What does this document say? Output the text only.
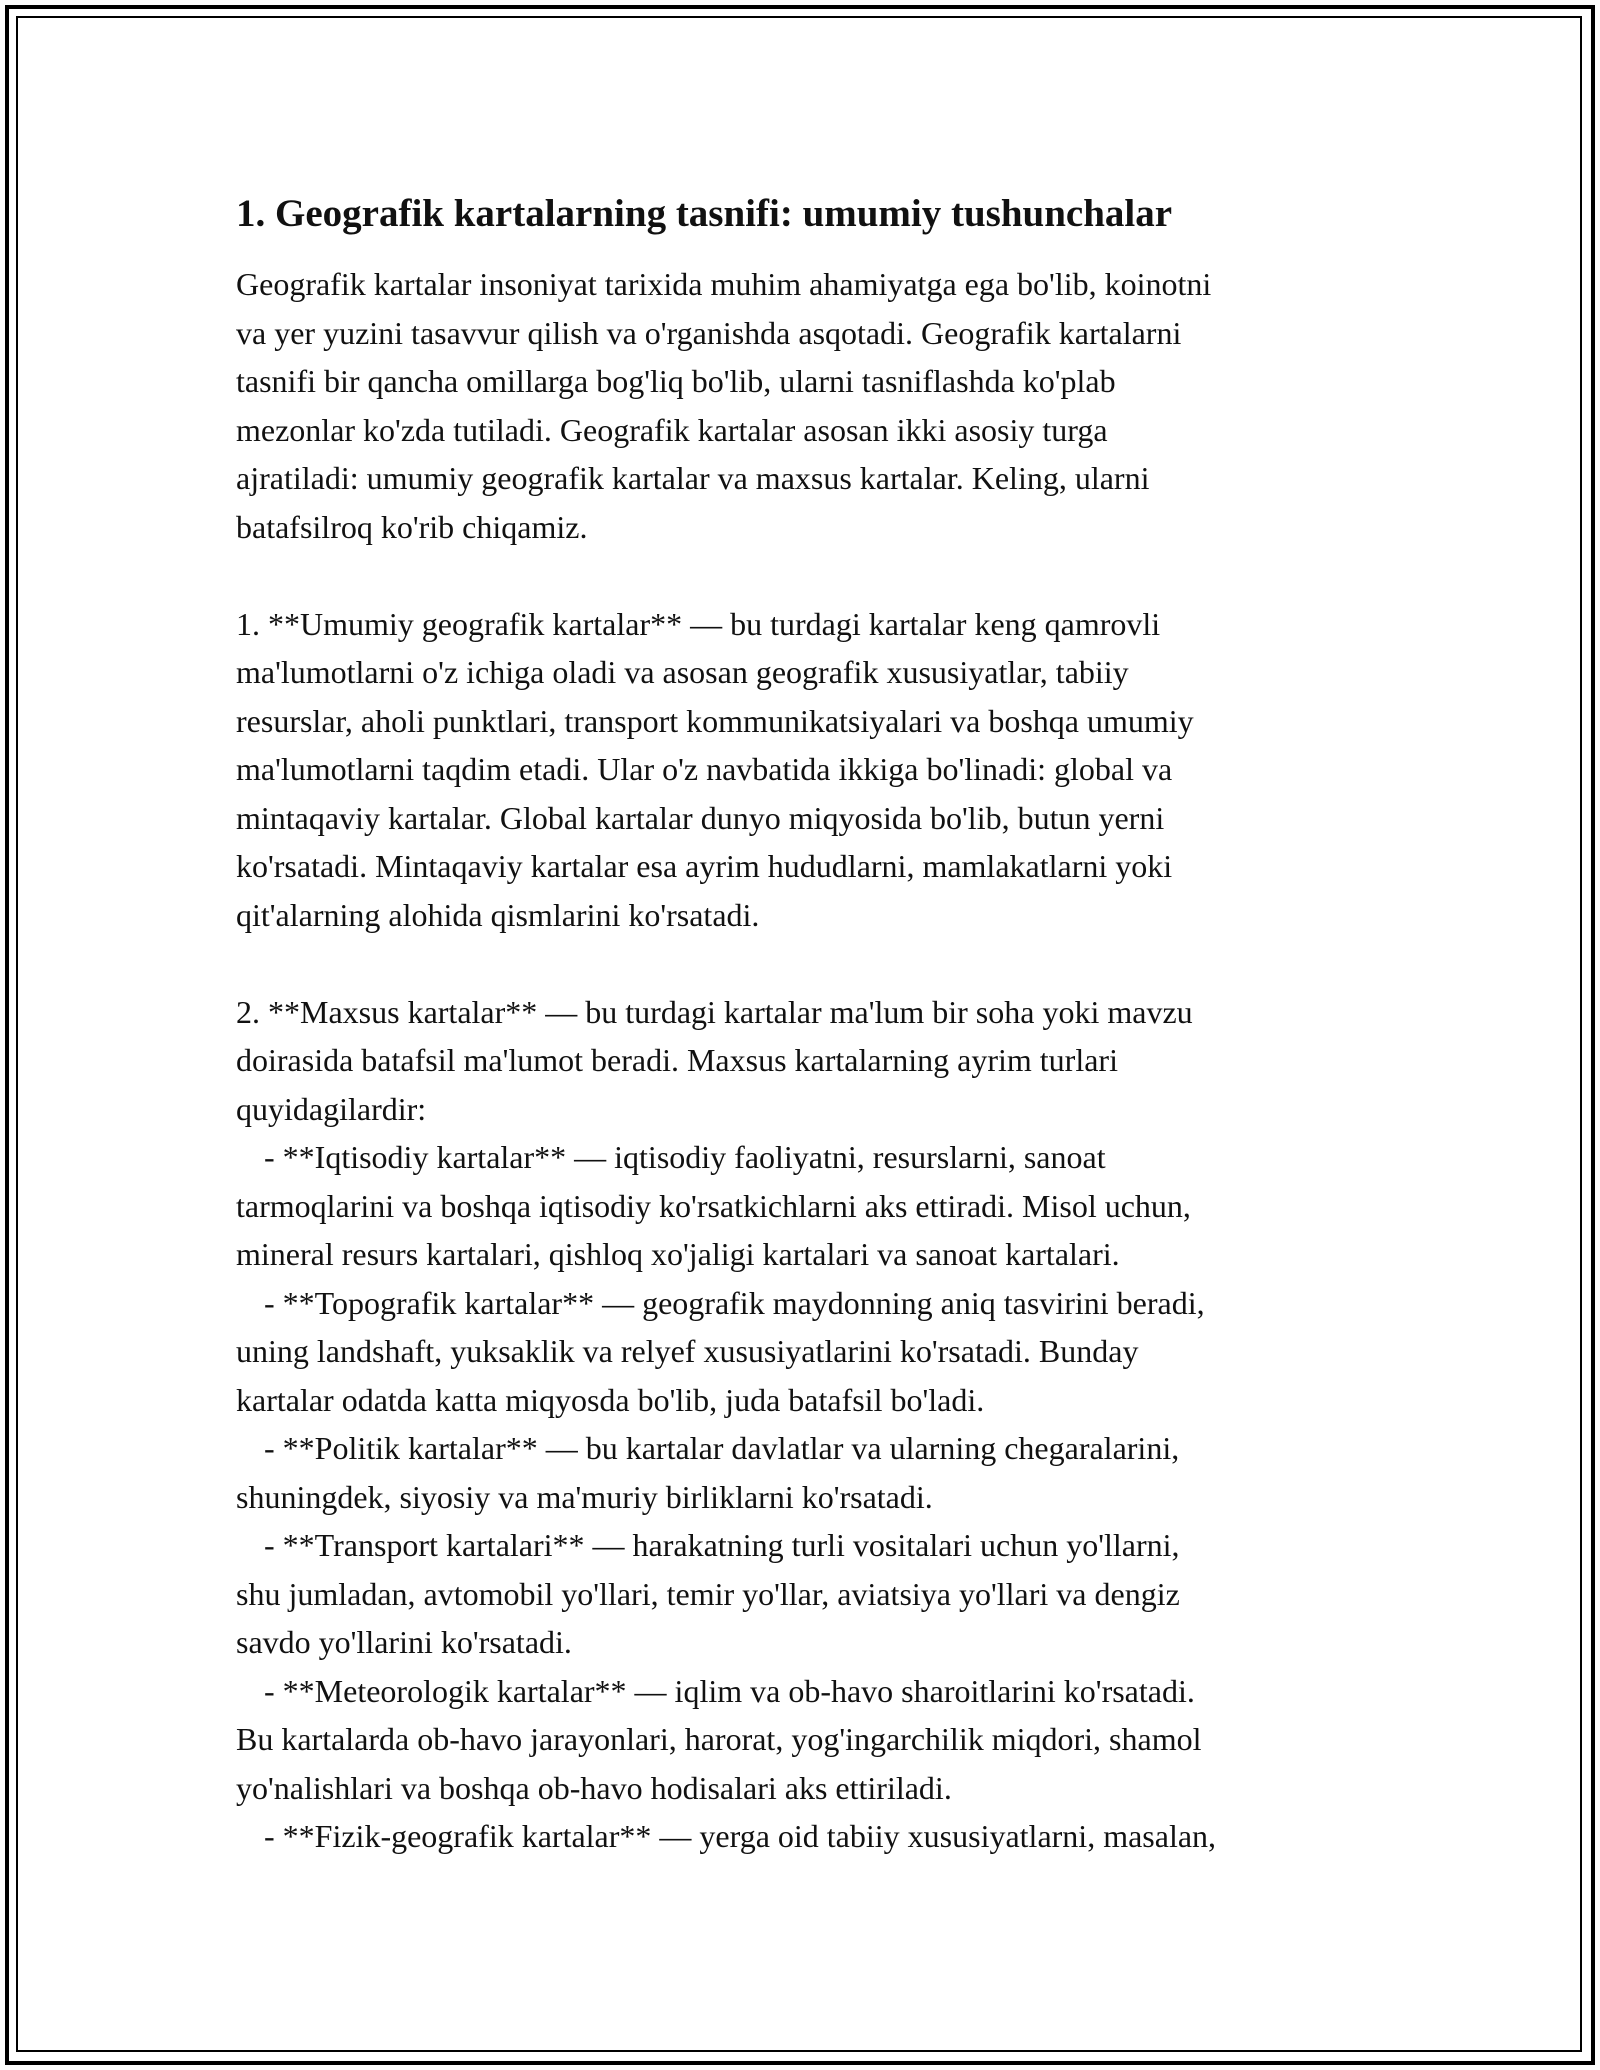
1. Geografik kartalarning tasnifi: umumiy tushunchalar
Geografik kartalar insoniyat tarixida muhim ahamiyatga ega bo'lib, koinotni
va yer yuzini tasavvur qilish va o'rganishda asqotadi. Geografik kartalarni
tasnifi bir qancha omillarga bog'liq bo'lib, ularni tasniflashda ko'plab
mezonlar ko'zda tutiladi. Geografik kartalar asosan ikki asosiy turga
ajratiladi: umumiy geografik kartalar va maxsus kartalar. Keling, ularni
batafsilroq ko'rib chiqamiz.
1. **Umumiy geografik kartalar** — bu turdagi kartalar keng qamrovli
ma'lumotlarni o'z ichiga oladi va asosan geografik xususiyatlar, tabiiy
resurslar, aholi punktlari, transport kommunikatsiyalari va boshqa umumiy
ma'lumotlarni taqdim etadi. Ular o'z navbatida ikkiga bo'linadi: global va
mintaqaviy kartalar. Global kartalar dunyo miqyosida bo'lib, butun yerni
ko'rsatadi. Mintaqaviy kartalar esa ayrim hududlarni, mamlakatlarni yoki
qit'alarning alohida qismlarini ko'rsatadi.
2. **Maxsus kartalar** — bu turdagi kartalar ma'lum bir soha yoki mavzu
doirasida batafsil ma'lumot beradi. Maxsus kartalarning ayrim turlari
quyidagilardir:
- **Iqtisodiy kartalar** — iqtisodiy faoliyatni, resurslarni, sanoat
tarmoqlarini va boshqa iqtisodiy ko'rsatkichlarni aks ettiradi. Misol uchun,
mineral resurs kartalari, qishloq xo'jaligi kartalari va sanoat kartalari.
- **Topografik kartalar** — geografik maydonning aniq tasvirini beradi,
uning landshaft, yuksaklik va relyef xususiyatlarini ko'rsatadi. Bunday
kartalar odatda katta miqyosda bo'lib, juda batafsil bo'ladi.
- **Politik kartalar** — bu kartalar davlatlar va ularning chegaralarini,
shuningdek, siyosiy va ma'muriy birliklarni ko'rsatadi.
- **Transport kartalari** — harakatning turli vositalari uchun yo'llarni,
shu jumladan, avtomobil yo'llari, temir yo'llar, aviatsiya yo'llari va dengiz
savdo yo'llarini ko'rsatadi.
- **Meteorologik kartalar** — iqlim va ob-havo sharoitlarini ko'rsatadi.
Bu kartalarda ob-havo jarayonlari, harorat, yog'ingarchilik miqdori, shamol
yo'nalishlari va boshqa ob-havo hodisalari aks ettiriladi.
- **Fizik-geografik kartalar** — yerga oid tabiiy xususiyatlarni, masalan,
